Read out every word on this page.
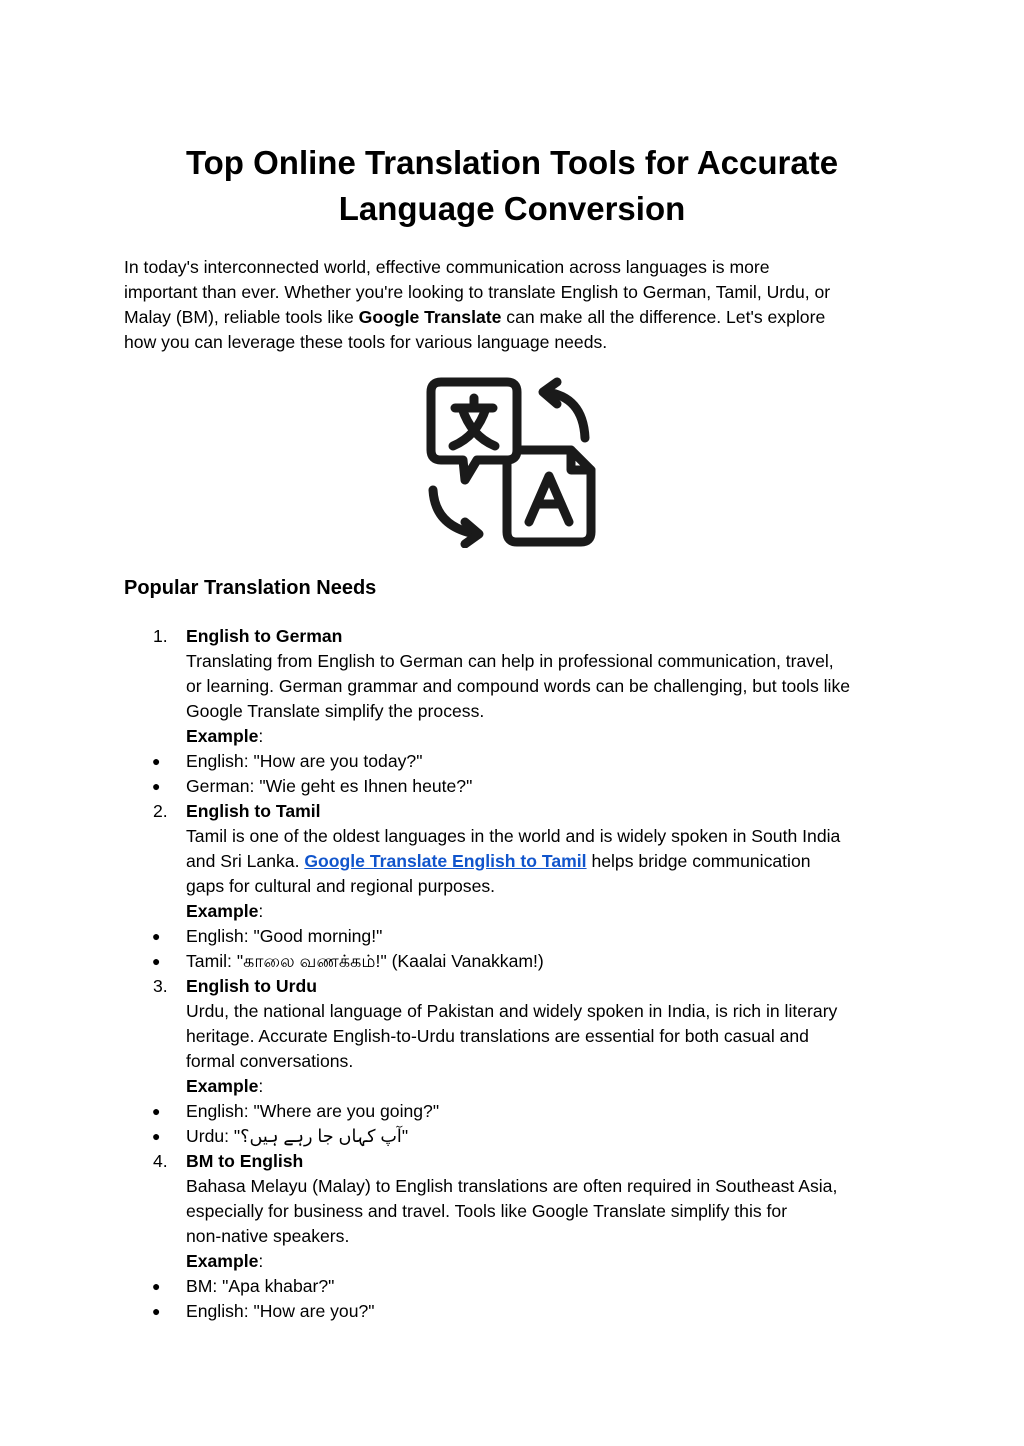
Top Online Translation Tools for Accurate
Language Conversion

In today's interconnected world, effective communication across languages is more
important than ever. Whether you're looking to translate English to German, Tamil, Urdu, or
Malay (BM), reliable tools like Google Translate can make all the difference. Let's explore
how you can leverage these tools for various language needs.

Popular Translation Needs
1. English to German
Translating from English to German can help in professional communication, travel,
or learning. German grammar and compound words can be challenging, but tools like
Google Translate simplify the process.
Example:
● English: "How are you today?"
● German: "Wie geht es Ihnen heute?"
2. English to Tamil
Tamil is one of the oldest languages in the world and is widely spoken in South India
and Sri Lanka. Google Translate English to Tamil helps bridge communication
gaps for cultural and regional purposes.
Example:
● English: "Good morning!"
● Tamil: "காலை வணக்கம்!" (Kaalai Vanakkam!)
3. English to Urdu
Urdu, the national language of Pakistan and widely spoken in India, is rich in literary
heritage. Accurate English-to-Urdu translations are essential for both casual and
formal conversations.
Example:
● English: "Where are you going?"
● Urdu: "آپ کہاں جا رہے ہیں؟"
4. BM to English
Bahasa Melayu (Malay) to English translations are often required in Southeast Asia,
especially for business and travel. Tools like Google Translate simplify this for
non-native speakers.
Example:
● BM: "Apa khabar?"
● English: "How are you?"
